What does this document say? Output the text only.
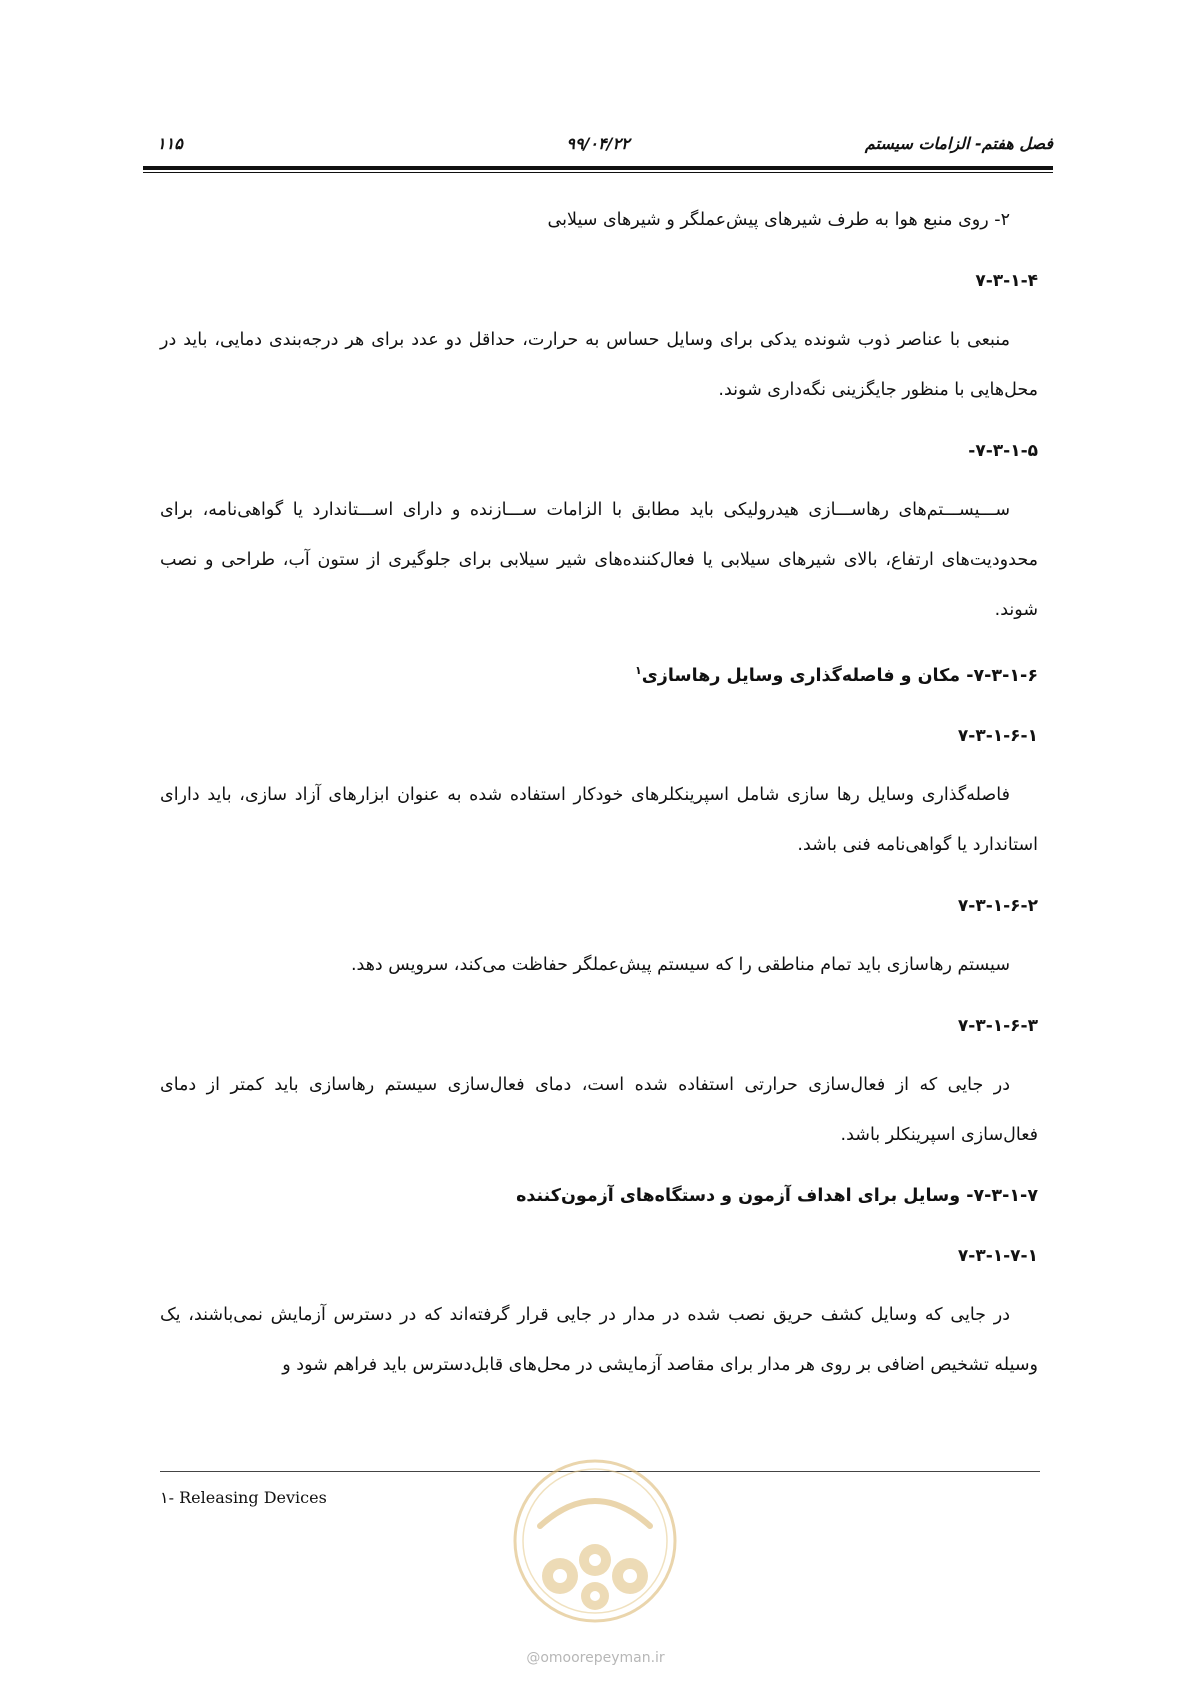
فصل هفتم- الزامات سیستم
۹۹/۰۴/۲۲
۱۱۵

۲- روی منبع هوا به طرف شیرهای پیش‌عملگر و شیرهای سیلابی

۷-۳-۱-۴

منبعی با عناصر ذوب شونده یدکی برای وسایل حساس به حرارت، حداقل دو عدد برای هر درجه‌بندی دمایی، باید در محل‌هایی با منظور جایگزینی نگه‌داری شوند.

۷-۳-۱-۵-

ســـیســـتم‌های رهاســـازی هیدرولیکی باید مطابق با الزامات ســـازنده و دارای اســـتاندارد یا گواهی‌نامه، برای محدودیت‌های ارتفاع، بالای شیرهای سیلابی یا فعال‌کننده‌های شیر سیلابی برای جلوگیری از ستون آب، طراحی و نصب شوند.

۷-۳-۱-۶- مکان و فاصله‌گذاری وسایل رهاسازی$^۱$
۷-۳-۱-۶-۱

فاصله‌گذاری وسایل رها سازی شامل اسپرینکلرهای خودکار استفاده شده به عنوان ابزارهای آزاد سازی، باید دارای استاندارد یا گواهی‌نامه فنی باشد.

۷-۳-۱-۶-۲

سیستم رهاسازی باید تمام مناطقی را که سیستم پیش‌عملگر حفاظت می‌کند، سرویس دهد.

۷-۳-۱-۶-۳

در جایی که از فعال‌سازی حرارتی استفاده شده است، دمای فعال‌سازی سیستم رهاسازی باید کمتر از دمای فعال‌سازی اسپرینکلر باشد.

۷-۳-۱-۷- وسایل برای اهداف آزمون و دستگاه‌های آزمون‌کننده
۷-۳-۱-۷-۱

در جایی که وسایل کشف حریق نصب شده در مدار در جایی قرار گرفته‌اند که در دسترس آزمایش نمی‌باشند، یک وسیله تشخیص اضافی بر روی هر مدار برای مقاصد آزمایشی در محل‌های قابل‌دسترس باید فراهم شود و

۱- Releasing Devices
@omoorepeyman.ir
